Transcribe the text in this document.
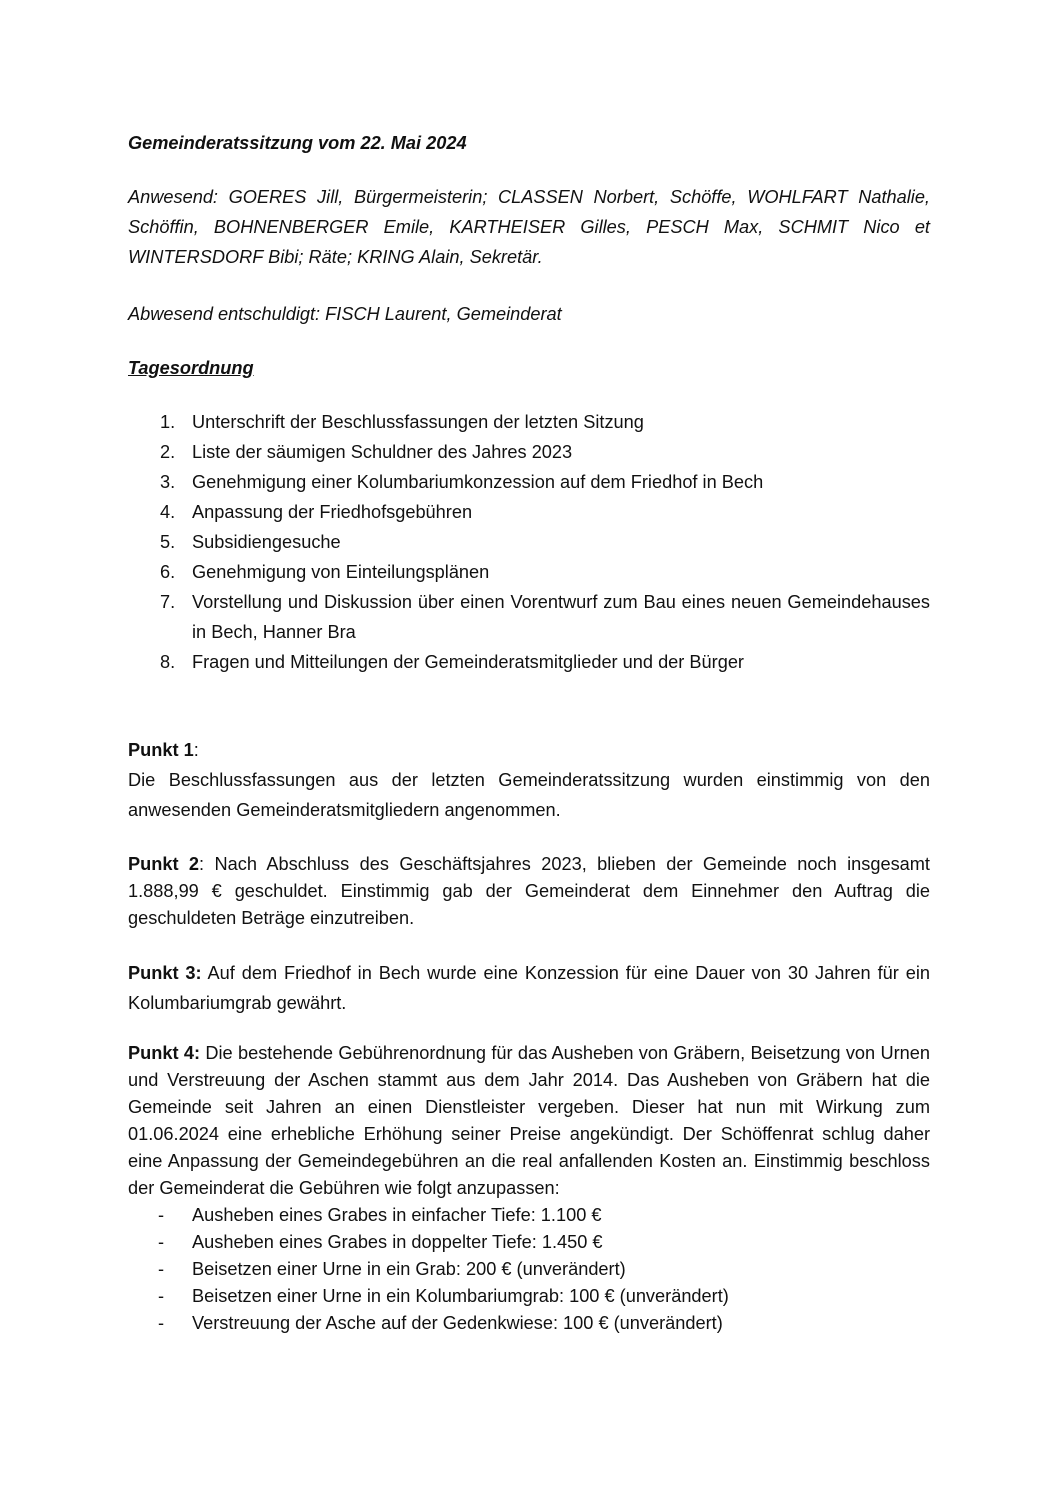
Gemeinderatssitzung vom 22. Mai 2024

Anwesend: GOERES Jill, Bürgermeisterin; CLASSEN Norbert, Schöffe, WOHLFART Nathalie, Schöffin, BOHNENBERGER Emile, KARTHEISER Gilles, PESCH Max, SCHMIT Nico et WINTERSDORF Bibi; Räte; KRING Alain, Sekretär.

Abwesend entschuldigt: FISCH Laurent, Gemeinderat

Tagesordnung

1. Unterschrift der Beschlussfassungen der letzten Sitzung
2. Liste der säumigen Schuldner des Jahres 2023
3. Genehmigung einer Kolumbariumkonzession auf dem Friedhof in Bech
4. Anpassung der Friedhofsgebühren
5. Subsidiengesuche
6. Genehmigung von Einteilungsplänen
7. Vorstellung und Diskussion über einen Vorentwurf zum Bau eines neuen Gemeindehauses in Bech, Hanner Bra
8. Fragen und Mitteilungen der Gemeinderatsmitglieder und der Bürger

Punkt 1:

Die Beschlussfassungen aus der letzten Gemeinderatssitzung wurden einstimmig von den anwesenden Gemeinderatsmitgliedern angenommen.

Punkt 2: Nach Abschluss des Geschäftsjahres 2023, blieben der Gemeinde noch insgesamt 1.888,99 € geschuldet. Einstimmig gab der Gemeinderat dem Einnehmer den Auftrag die geschuldeten Beträge einzutreiben.

Punkt 3: Auf dem Friedhof in Bech wurde eine Konzession für eine Dauer von 30 Jahren für ein Kolumbariumgrab gewährt.

Punkt 4: Die bestehende Gebührenordnung für das Ausheben von Gräbern, Beisetzung von Urnen und Verstreuung der Aschen stammt aus dem Jahr 2014. Das Ausheben von Gräbern hat die Gemeinde seit Jahren an einen Dienstleister vergeben. Dieser hat nun mit Wirkung zum 01.06.2024 eine erhebliche Erhöhung seiner Preise angekündigt. Der Schöffenrat schlug daher eine Anpassung der Gemeindegebühren an die real anfallenden Kosten an. Einstimmig beschloss der Gemeinderat die Gebühren wie folgt anzupassen:

- Ausheben eines Grabes in einfacher Tiefe: 1.100 €
- Ausheben eines Grabes in doppelter Tiefe: 1.450 €
- Beisetzen einer Urne in ein Grab: 200 € (unverändert)
- Beisetzen einer Urne in ein Kolumbariumgrab: 100 € (unverändert)
- Verstreuung der Asche auf der Gedenkwiese: 100 € (unverändert)
